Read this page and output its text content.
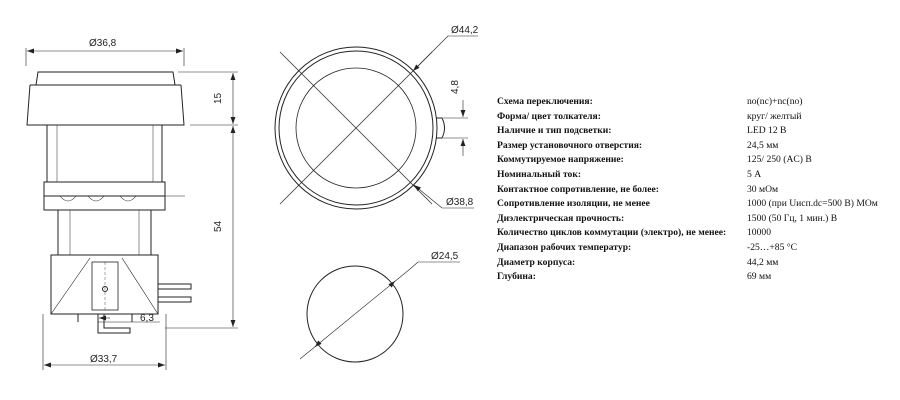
Ø36,8
15
54
6,3
Ø33,7
Ø44,2
Ø38,8
4,8
Ø24,5
Схема переключения:	no(nc)+nc(no)
Форма/ цвет толкателя:	круг/ желтый
Наличие и тип подсветки:	LED 12 В
Размер установочного отверстия:	24,5 мм
Коммутируемое напряжение:	125/ 250 (AC) В
Номинальный ток:	5 А
Контактное сопротивление, не более:	30 мОм
Сопротивление изоляции, не менее	1000 (при Uисп.dc=500 В) МОм
Диэлектрическая прочность:	1500 (50 Гц, 1 мин.) В
Количество циклов коммутации (электро), не менее:	10000
Диапазон рабочих температур:	-25…+85 °C
Диаметр корпуса:	44,2 мм
Глубина:	69 мм
